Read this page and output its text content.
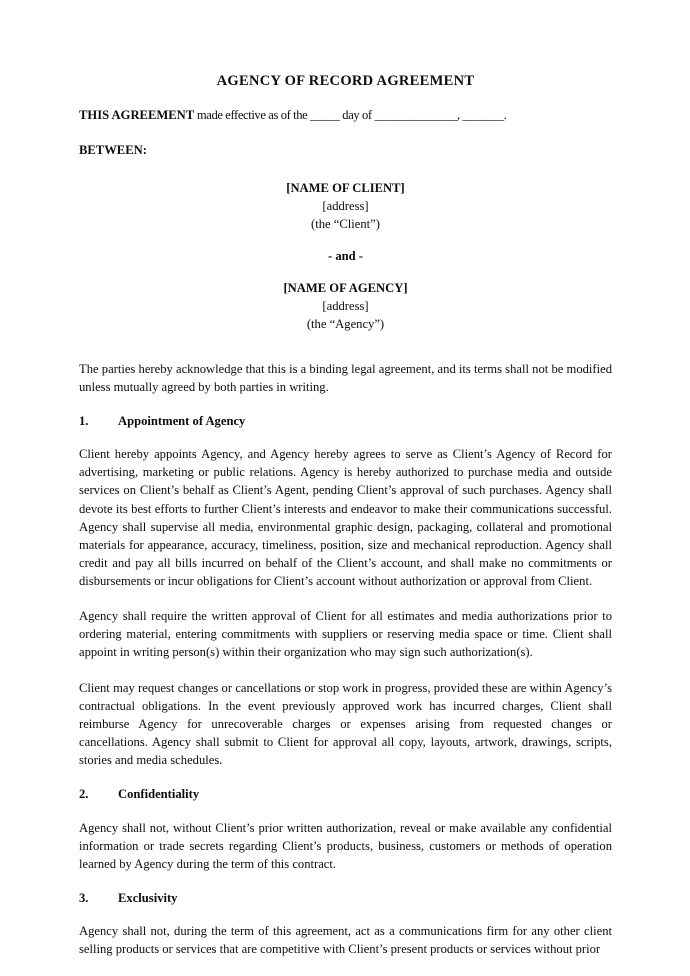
AGENCY OF RECORD AGREEMENT

THIS AGREEMENT made effective as of the _____ day of ______________, _______.

BETWEEN:

[NAME OF CLIENT]
[address]
(the “Client”)

- and -

[NAME OF AGENCY]
[address]
(the “Agency”)

The parties hereby acknowledge that this is a binding legal agreement, and its terms shall not be modified unless mutually agreed by both parties in writing.

1.	Appointment of Agency

Client hereby appoints Agency, and Agency hereby agrees to serve as Client’s Agency of Record for advertising, marketing or public relations. Agency is hereby authorized to purchase media and outside services on Client’s behalf as Client’s Agent, pending Client’s approval of such purchases. Agency shall devote its best efforts to further Client’s interests and endeavor to make their communications successful. Agency shall supervise all media, environmental graphic design, packaging, collateral and promotional materials for appearance, accuracy, timeliness, position, size and mechanical reproduction. Agency shall credit and pay all bills incurred on behalf of the Client’s account, and shall make no commitments or disbursements or incur obligations for Client’s account without authorization or approval from Client.

Agency shall require the written approval of Client for all estimates and media authorizations prior to ordering material, entering commitments with suppliers or reserving media space or time. Client shall appoint in writing person(s) within their organization who may sign such authorization(s).

Client may request changes or cancellations or stop work in progress, provided these are within Agency’s contractual obligations. In the event previously approved work has incurred charges, Client shall reimburse Agency for unrecoverable charges or expenses arising from requested changes or cancellations. Agency shall submit to Client for approval all copy, layouts, artwork, drawings, scripts, stories and media schedules.

2.	Confidentiality

Agency shall not, without Client’s prior written authorization, reveal or make available any confidential information or trade secrets regarding Client’s products, business, customers or methods of operation learned by Agency during the term of this contract.

3.	Exclusivity

Agency shall not, during the term of this agreement, act as a communications firm for any other client selling products or services that are competitive with Client’s present products or services without prior
